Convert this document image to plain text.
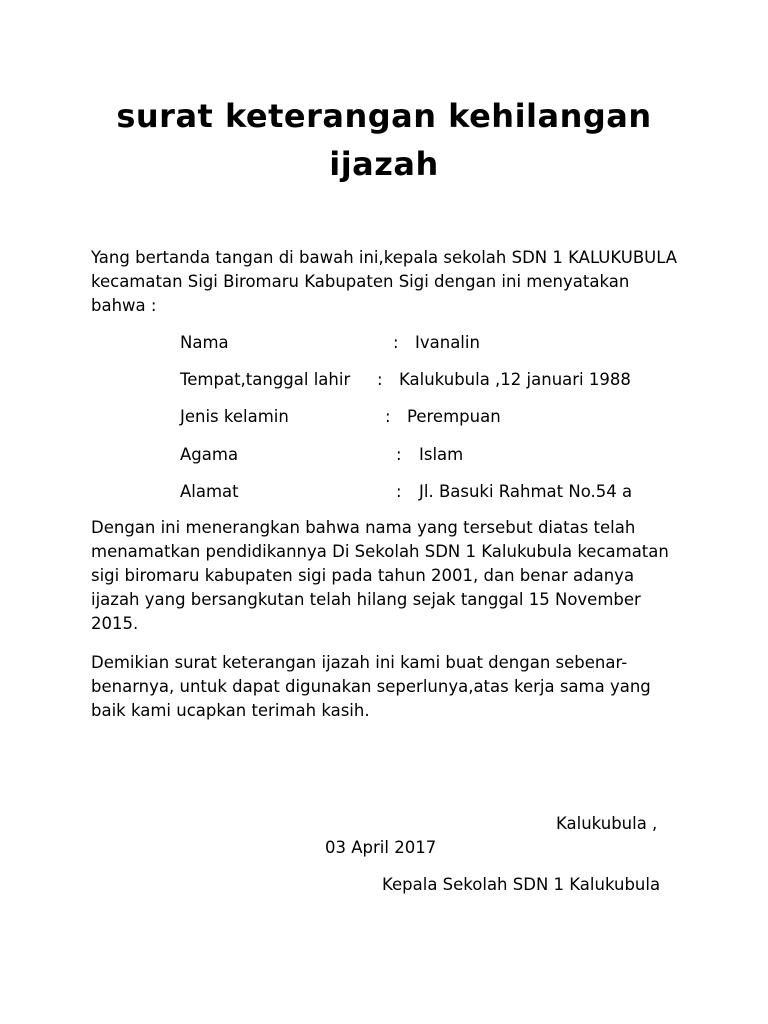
surat keterangan kehilangan ijazah
Yang bertanda tangan di bawah ini,kepala sekolah SDN 1 KALUKUBULA kecamatan Sigi Biromaru Kabupaten Sigi dengan ini menyatakan bahwa :
Nama	: Ivanalin
Tempat,tanggal lahir : Kalukubula ,12 januari 1988
Jenis kelamin	: Perempuan
Agama	: Islam
Alamat	: Jl. Basuki Rahmat No.54 a
Dengan ini menerangkan bahwa nama yang tersebut diatas telah menamatkan pendidikannya Di Sekolah SDN 1 Kalukubula kecamatan sigi biromaru kabupaten sigi pada tahun 2001, dan benar adanya ijazah yang bersangkutan telah hilang sejak tanggal 15 November 2015.
Demikian surat keterangan ijazah ini kami buat dengan sebenar-benarnya, untuk dapat digunakan seperlunya,atas kerja sama yang baik kami ucapkan terimah kasih.
Kalukubula ,
03 April 2017
Kepala Sekolah SDN 1 Kalukubula
